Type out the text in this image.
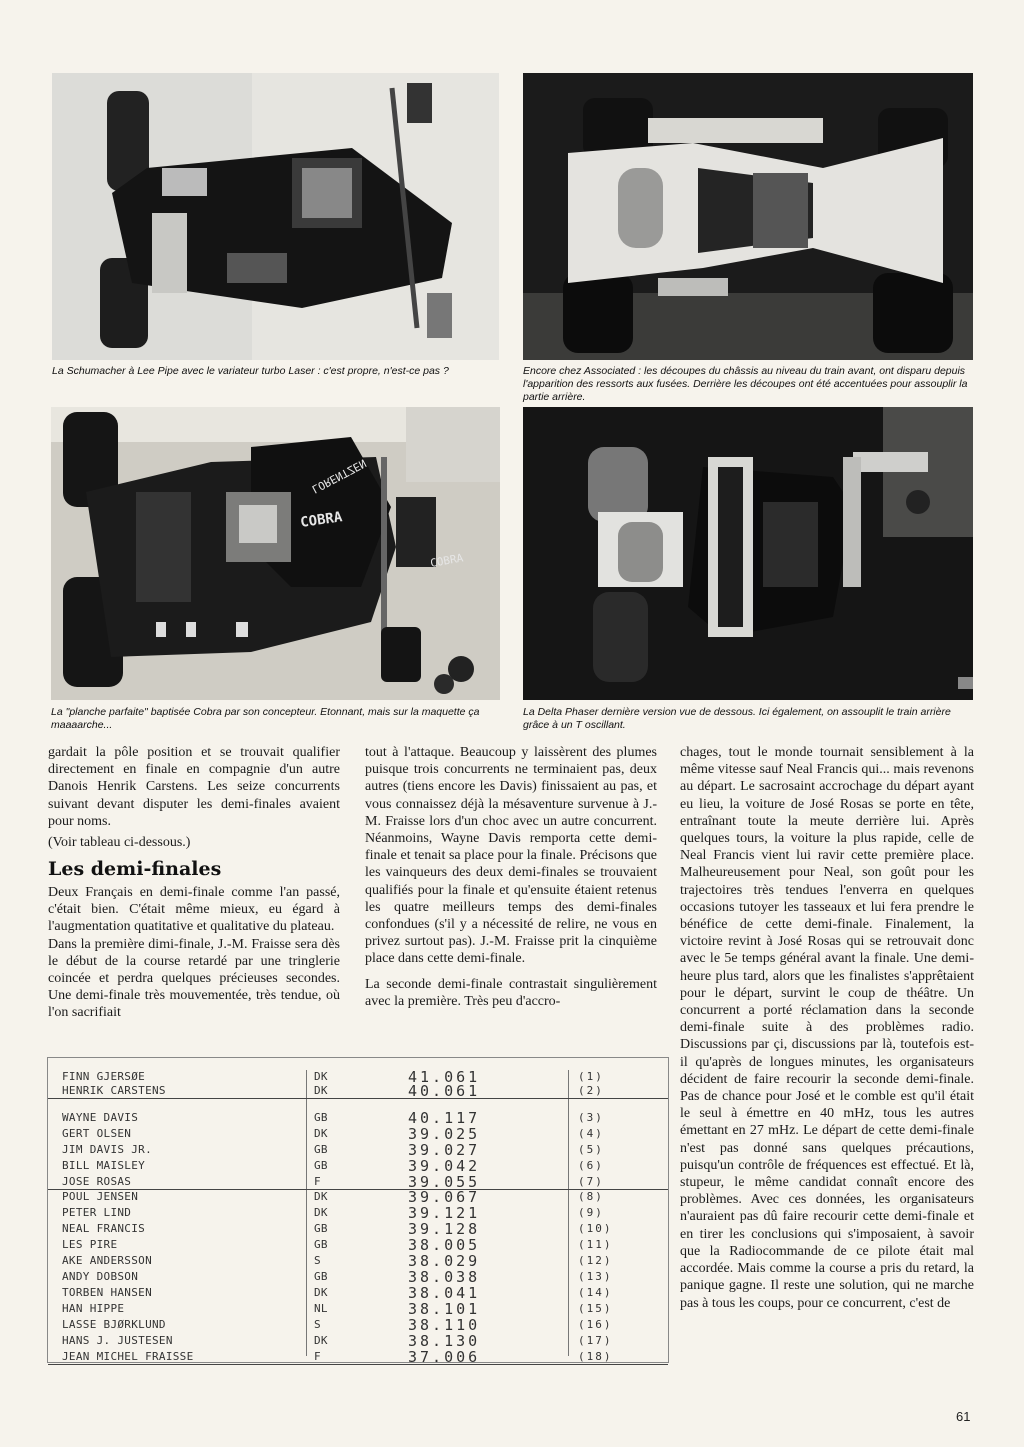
La Schumacher à Lee Pipe avec le variateur turbo Laser : c'est propre, n'est-ce pas ?	Encore chez Associated : les découpes du châssis au niveau du train avant, ont disparu depuis l'apparition des ressorts aux fusées. Derrière les découpes ont été accentuées pour assouplir la partie arrière.
COBRA
COBRA
LORENTZEN
La "planche parfaite" baptisée Cobra par son concepteur. Etonnant, mais sur la maquette ça maaaarche...
La Delta Phaser dernière version vue de dessous. Ici également, on assouplit le train arrière grâce à un T oscillant.

gardait la pôle position et se trouvait qualifier directement en finale en compagnie d'un autre Danois Henrik Carstens. Les seize concurrents suivant devant disputer les demi-finales avaient pour noms.

(Voir tableau ci-dessous.)

Les demi-finales

Deux Français en demi-finale comme l'an passé, c'était bien. C'était même mieux, eu égard à l'augmentation quatitative et qualitative du plateau.

Dans la première dimi-finale, J.-M. Fraisse sera dès le début de la course retardé par une tringlerie coincée et perdra quelques précieuses secondes. Une demi-finale très mouvementée, très tendue, où l'on sacrifiait

tout à l'attaque. Beaucoup y laissèrent des plumes puisque trois concurrents ne terminaient pas, deux autres (tiens encore les Davis) finissaient au pas, et vous connaissez déjà la mésaventure survenue à J.-M. Fraisse lors d'un choc avec un autre concurrent. Néanmoins, Wayne Davis remporta cette demi-finale et tenait sa place pour la finale. Précisons que les vainqueurs des deux demi-finales se trouvaient qualifiés pour la finale et qu'ensuite étaient retenus les quatre meilleurs temps des demi-finales confondues (s'il y a nécessité de relire, ne vous en privez surtout pas). J.-M. Fraisse prit la cinquième place dans cette demi-finale.

La seconde demi-finale contrastait singulièrement avec la première. Très peu d'accro-

chages, tout le monde tournait sensiblement à la même vitesse sauf Neal Francis qui... mais revenons au départ. Le sacrosaint accrochage du départ ayant eu lieu, la voiture de José Rosas se porte en tête, entraînant toute la meute derrière lui. Après quelques tours, la voiture la plus rapide, celle de Neal Francis vient lui ravir cette première place. Malheureusement pour Neal, son goût pour les trajectoires très tendues l'enverra en quelques occasions tutoyer les tasseaux et lui fera prendre le bénéfice de cette demi-finale. Finalement, la victoire revint à José Rosas qui se retrouvait donc avec le 5e temps général avant la finale. Une demi-heure plus tard, alors que les finalistes s'apprêtaient pour le départ, survint le coup de théâtre. Un concurrent a porté réclamation dans la seconde demi-finale suite à des problèmes radio. Discussions par çi, discussions par là, toutefois est-il qu'après de longues minutes, les organisateurs décident de faire recourir la seconde demi-finale. Pas de chance pour José et le comble est qu'il était le seul à émettre en 40 mHz, tous les autres émettant en 27 mHz. Le départ de cette demi-finale n'est pas donné sans quelques précautions, puisqu'un contrôle de fréquences est effectué. Et là, stupeur, le même candidat connaît encore des problèmes. Avec ces données, les organisateurs n'auraient pas dû faire recourir cette demi-finale et en tirer les conclusions qui s'imposaient, à savoir que la Radiocommande de ce pilote était mal accordée. Mais comme la course a pris du retard, la panique gagne. Il reste une solution, qui ne marche pas à tous les coups, pour ce concurrent, c'est de

FINN GJERSØE	DK	41.061	(1)
HENRIK CARSTENS	DK	40.061	(2)
WAYNE DAVIS	GB	40.117	(3)
GERT OLSEN	DK	39.025	(4)
JIM DAVIS JR.	GB	39.027	(5)
BILL MAISLEY	GB	39.042	(6)
JOSE ROSAS	F	39.055	(7)
POUL JENSEN	DK	39.067	(8)
PETER LIND	DK	39.121	(9)
NEAL FRANCIS	GB	39.128	(10)
LES PIRE	GB	38.005	(11)
AKE ANDERSSON	S	38.029	(12)
ANDY DOBSON	GB	38.038	(13)
TORBEN HANSEN	DK	38.041	(14)
HAN HIPPE	NL	38.101	(15)
LASSE BJØRKLUND	S	38.110	(16)
HANS J. JUSTESEN	DK	38.130	(17)
JEAN MICHEL FRAISSE	F	37.006	(18)
61
